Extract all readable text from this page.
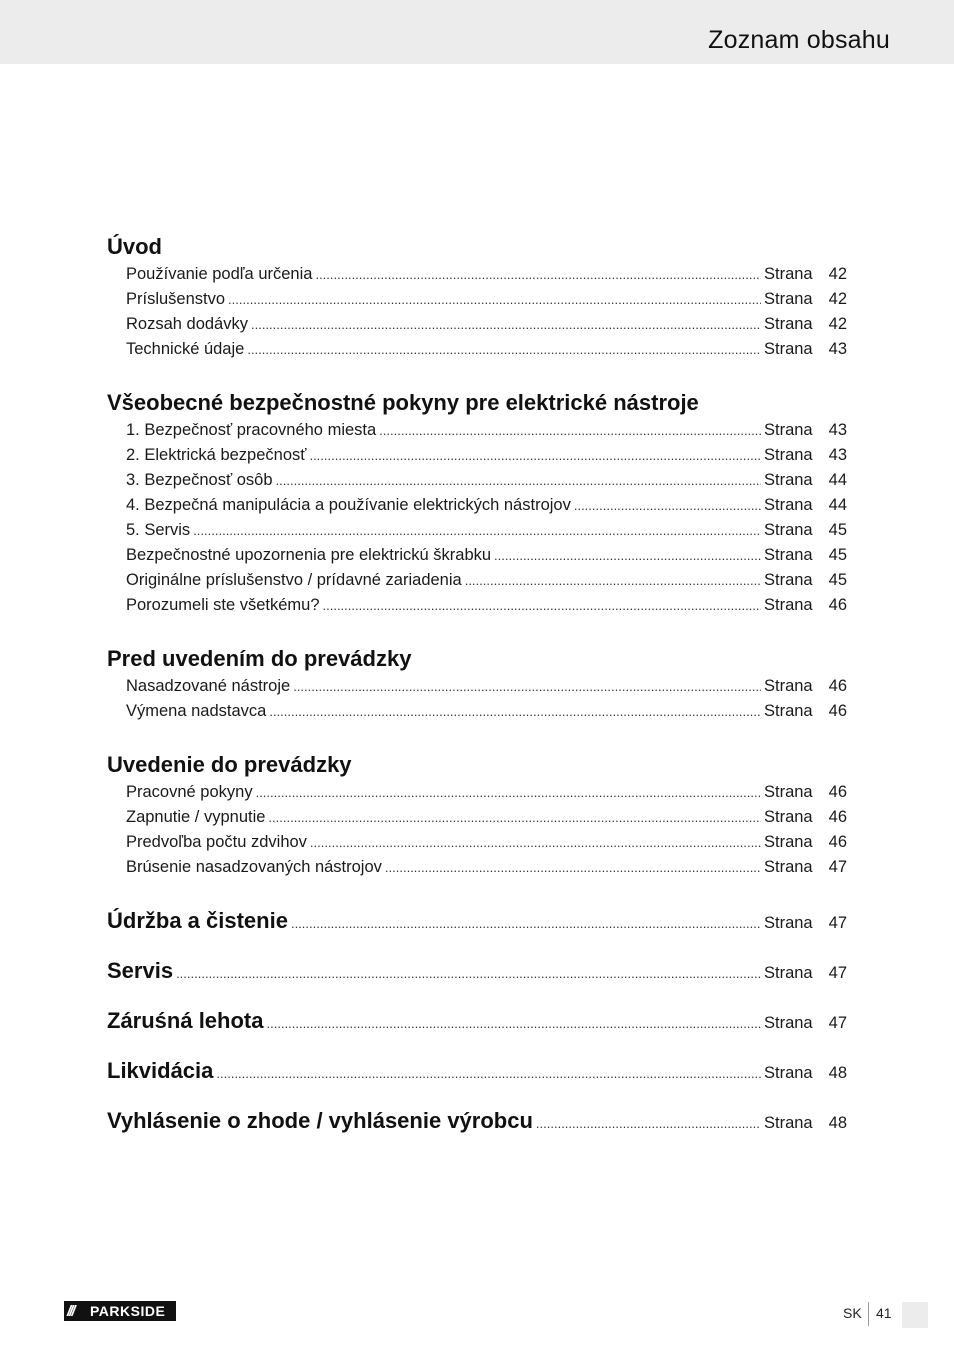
Zoznam obsahu
Úvod
Používanie podľa určenia .....	Strana 42
Príslušenstvo .....	Strana 42
Rozsah dodávky .....	Strana 42
Technické údaje .....	Strana 43
Všeobecné bezpečnostné pokyny pre elektrické nástroje
1. Bezpečnosť pracovného miesta .....	Strana 43
2. Elektrická bezpečnosť .....	Strana 43
3. Bezpečnosť osôb .....	Strana 44
4. Bezpečná manipulácia a používanie elektrických nástrojov .....	Strana 44
5. Servis .....	Strana 45
Bezpečnostné upozornenia pre elektrickú škrabku .....	Strana 45
Originálne príslušenstvo / prídavné zariadenia .....	Strana 45
Porozumeli ste všetkému? .....	Strana 46
Pred uvedením do prevádzky
Nasadzované nástroje .....	Strana 46
Výmena nadstavca .....	Strana 46
Uvedenie do prevádzky
Pracovné pokyny .....	Strana 46
Zapnutie / vypnutie .....	Strana 46
Predvoľba počtu zdvihov .....	Strana 46
Brúsenie nasadzovaných nástrojov .....	Strana 47
Údržba a čistenie .....	Strana 47
Servis .....	Strana 47
Záruśná lehota .....	Strana 47
Likvidácia .....	Strana 48
Vyhlásenie o zhode / vyhlásenie výrobcu .....	Strana 48
///	PARKSIDE	SK 41
